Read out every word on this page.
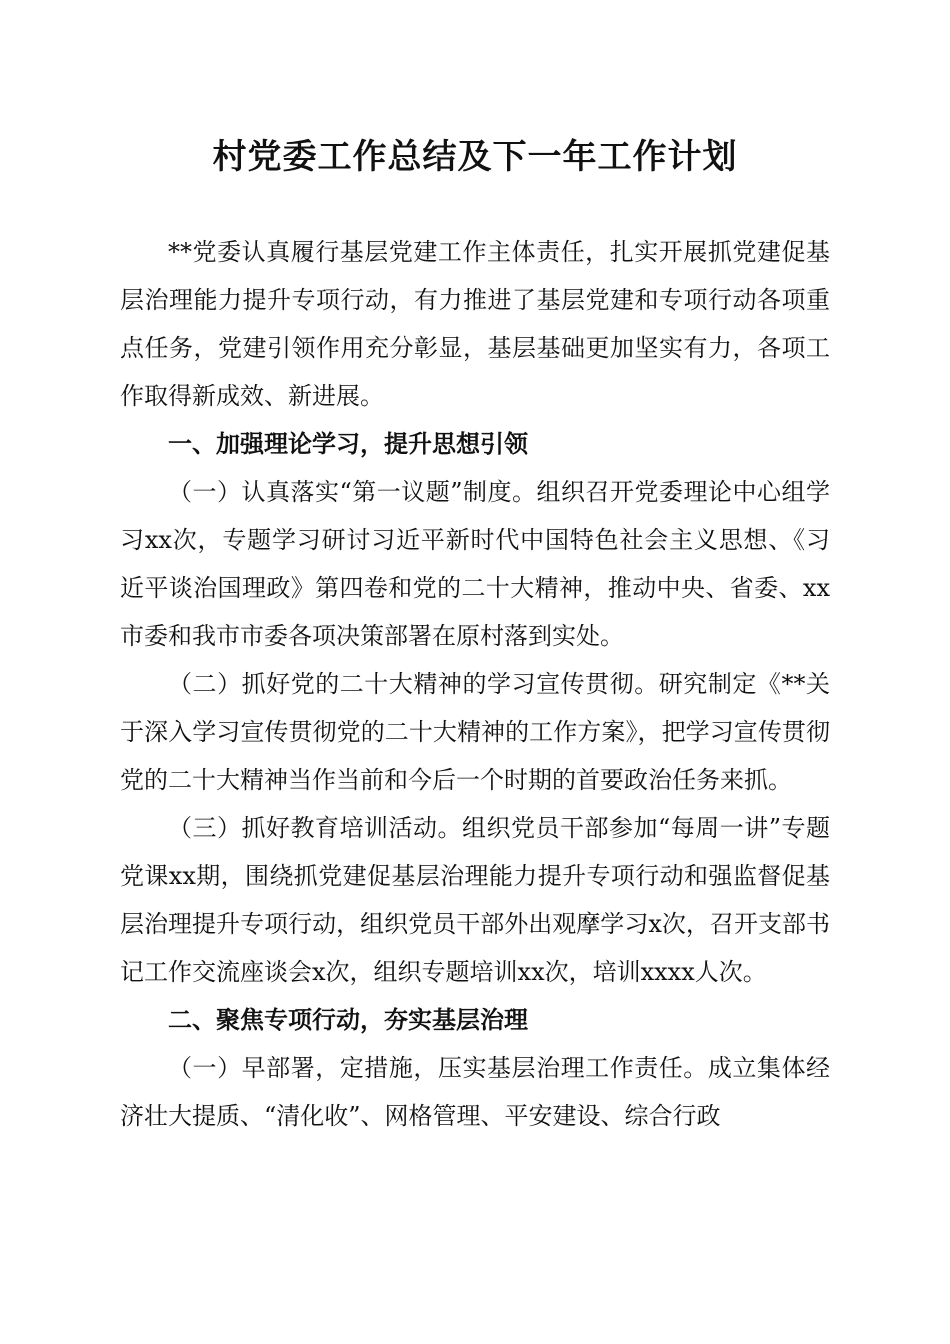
村党委工作总结及下一年工作计划

**党委认真履行基层党建工作主体责任，扎实开展抓党建促基层治理能力提升专项行动，有力推进了基层党建和专项行动各项重点任务，党建引领作用充分彰显，基层基础更加坚实有力，各项工作取得新成效、新进展。

一、加强理论学习，提升思想引领

（一）认真落实“第一议题”制度。组织召开党委理论中心组学习xx次，专题学习研讨习近平新时代中国特色社会主义思想、《习近平谈治国理政》第四卷和党的二十大精神，推动中央、省委、xx市委和我市市委各项决策部署在原村落到实处。

（二）抓好党的二十大精神的学习宣传贯彻。研究制定《**关于深入学习宣传贯彻党的二十大精神的工作方案》，把学习宣传贯彻党的二十大精神当作当前和今后一个时期的首要政治任务来抓。

（三）抓好教育培训活动。组织党员干部参加“每周一讲”专题党课xx期，围绕抓党建促基层治理能力提升专项行动和强监督促基层治理提升专项行动，组织党员干部外出观摩学习x次，召开支部书记工作交流座谈会x次，组织专题培训xx次，培训xxxx人次。

二、聚焦专项行动，夯实基层治理

（一）早部署，定措施，压实基层治理工作责任。成立集体经济壮大提质、“清化收”、网格管理、平安建设、综合行政
